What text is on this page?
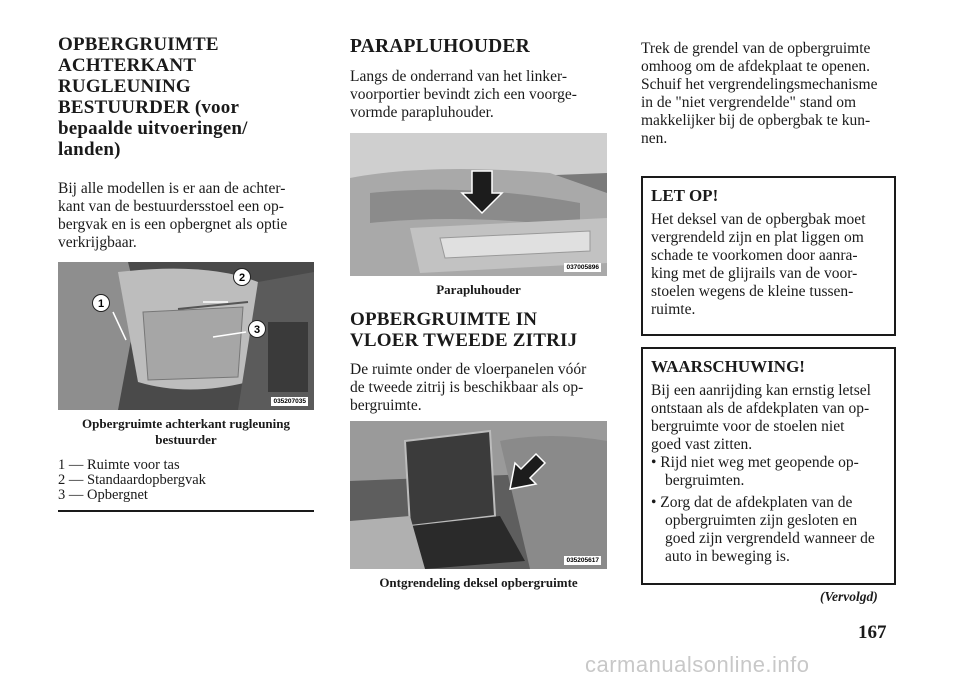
OPBERGRUIMTE

ACHTERKANT

RUGLEUNING

BESTUURDER (voor

bepaalde uitvoeringen/

landen)

Bij alle modellen is er aan de achter-

kant van de bestuurdersstoel een op-

bergvak en is een opbergnet als optie

verkrijgbaar.

1
2
3
035207035
Opbergruimte achterkant rugleuning
bestuurder

1 — Ruimte voor tas

2 — Standaardopbergvak

3 — Opbergnet

PARAPLUHOUDER

Langs de onderrand van het linker-

voorportier bevindt zich een voorge-

vormde parapluhouder.

037005896
Parapluhouder

OPBERGRUIMTE IN

VLOER TWEEDE ZITRIJ

De ruimte onder de vloerpanelen vóór

de tweede zitrij is beschikbaar als op-

bergruimte.

035205617
Ontgrendeling deksel opbergruimte

Trek de grendel van de opbergruimte

omhoog om de afdekplaat te openen.

Schuif het vergrendelingsmechanisme

in de "niet vergrendelde" stand om

makkelijker bij de opbergbak te kun-

nen.

LET OP!

Het deksel van de opbergbak moet

vergrendeld zijn en plat liggen om

schade te voorkomen door aanra-

king met de glijrails van de voor-

stoelen wegens de kleine tussen-

ruimte.

WAARSCHUWING!

Bij een aanrijding kan ernstig letsel

ontstaan als de afdekplaten van op-

bergruimte voor de stoelen niet

goed vast zitten.

• Rijd niet weg met geopende op-

bergruimten.

• Zorg dat de afdekplaten van de

opbergruimten zijn gesloten en

goed zijn vergrendeld wanneer de

auto in beweging is.

(Vervolgd)
167
carmanualsonline.info
